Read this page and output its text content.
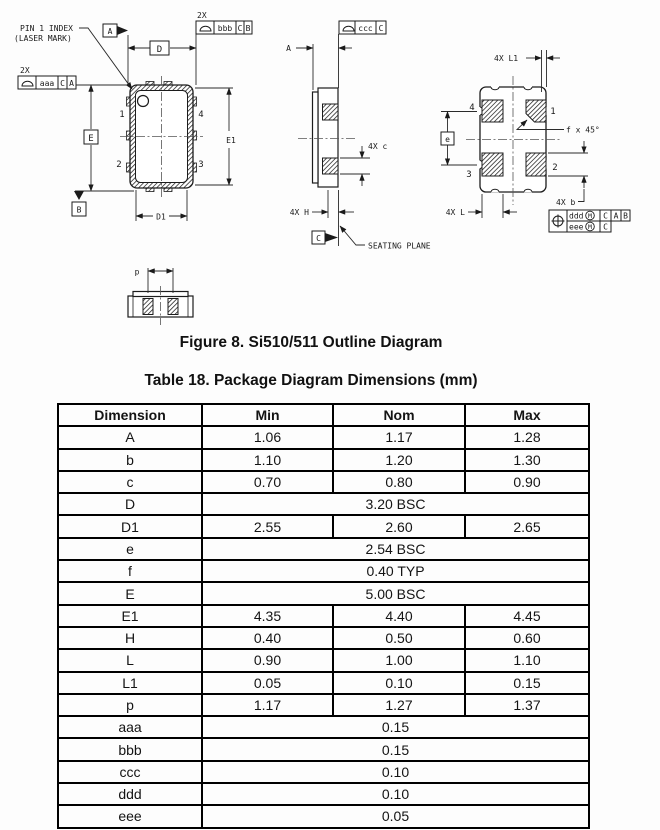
PIN 1 INDEX
(LASER MARK)
1	4
2	3
A
D
2X
bbb C B
2X
aaa C A
E
B
E1
D1
ccc C
A
4X c
4X H
C
SEATING PLANE
4	1
3
2
4X L1
e
f x 45°
4X L
4X b
ddd M C A B
eee M C
p
Figure 8. Si510/511 Outline Diagram
Table 18. Package Diagram Dimensions (mm)
Dimension	Min	Nom	Max
A	1.06	1.17	1.28
b	1.10	1.20	1.30
c	0.70	0.80	0.90
D	3.20 BSC		
D1	2.55	2.60	2.65
e	2.54 BSC		
f	0.40 TYP		
E	5.00 BSC		
E1	4.35	4.40	4.45
H	0.40	0.50	0.60
L	0.90	1.00	1.10
L1	0.05	0.10	0.15
p	1.17	1.27	1.37
aaa	0.15		
bbb	0.15		
ccc	0.10		
ddd	0.10		
eee	0.05		
